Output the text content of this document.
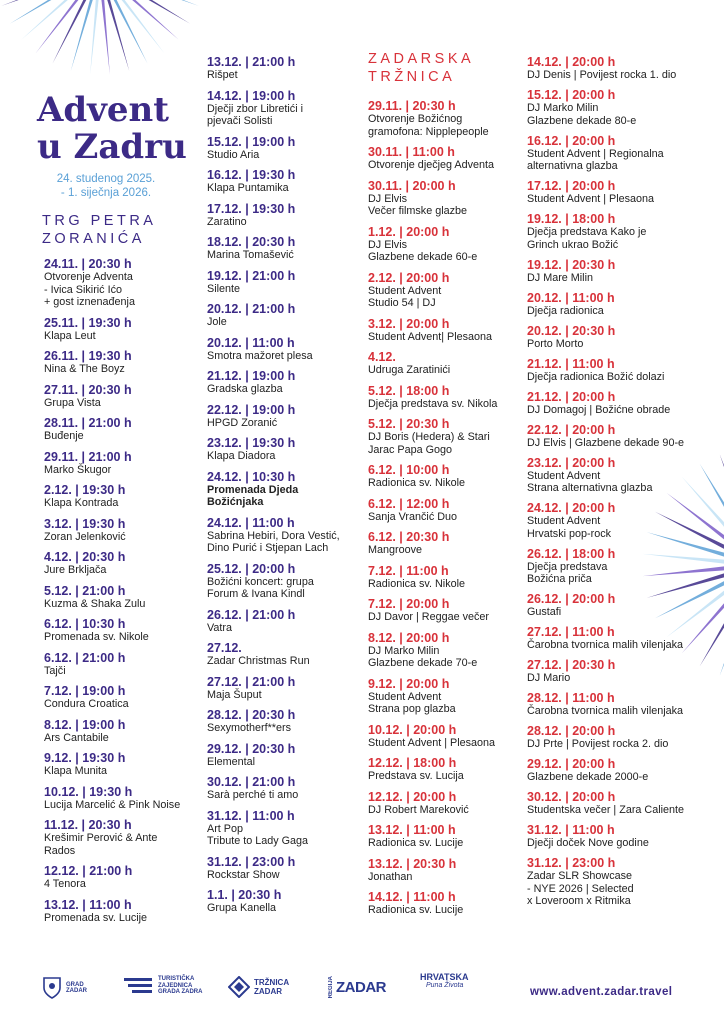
Advent
u Zadru
24. studenog 2025.
- 1. siječnja 2026.
TRG PETRA
ZORANIĆA
ZADARSKA
TRŽNICA
24.11. | 20:30 h
Otvorenje Adventa
- Ivica Sikirić Ićo
+ gost iznenađenja
25.11. | 19:30 h
Klapa Leut
26.11. | 19:30 h
Nina & The Boyz
27.11. | 20:30 h
Grupa Vista
28.11. | 21:00 h
Buđenje
29.11. | 21:00 h
Marko Škugor
2.12. | 19:30 h
Klapa Kontrada
3.12. | 19:30 h
Zoran Jelenković
4.12. | 20:30 h
Jure Brkljača
5.12. | 21:00 h
Kuzma & Shaka Zulu
6.12. | 10:30 h
Promenada sv. Nikole
6.12. | 21:00 h
Tajči
7.12. | 19:00 h
Condura Croatica
8.12. | 19:00 h
Ars Cantabile
9.12. | 19:30 h
Klapa Munita
10.12. | 19:30 h
Lucija Marcelić & Pink Noise
11.12. | 20:30 h
Krešimir Perović & Ante
Rados
12.12. | 21:00 h
4 Tenora
13.12. | 11:00 h
Promenada sv. Lucije
13.12. | 21:00 h
Rišpet
14.12. | 19:00 h
Dječji zbor Libretići i
pjevači Solisti
15.12. | 19:00 h
Studio Aria
16.12. | 19:30 h
Klapa Puntamika
17.12. | 19:30 h
Zaratino
18.12. | 20:30 h
Marina Tomašević
19.12. | 21:00 h
Silente
20.12. | 21:00 h
Jole
20.12. | 11:00 h
Smotra mažoret plesa
21.12. | 19:00 h
Gradska glazba
22.12. | 19:00 h
HPGD Zoranić
23.12. | 19:30 h
Klapa Diadora
24.12. | 10:30 h
Promenada Djeda
Božićnjaka
24.12. | 11:00 h
Sabrina Hebiri, Dora Vestić,
Dino Purić i Stjepan Lach
25.12. | 20:00 h
Božićni koncert: grupa
Forum & Ivana Kindl
26.12. | 21:00 h
Vatra
27.12.
Zadar Christmas Run
27.12. | 21:00 h
Maja Šuput
28.12. | 20:30 h
Sexymotherf**ers
29.12. | 20:30 h
Elemental
30.12. | 21:00 h
Sarà perché ti amo
31.12. | 11:00 h
Art Pop
Tribute to Lady Gaga
31.12. | 23:00 h
Rockstar Show
1.1. | 20:30 h
Grupa Kanella
29.11. | 20:30 h
Otvorenje Božićnog
gramofona: Nipplepeople
30.11. | 11:00 h
Otvorenje dječjeg Adventa
30.11. | 20:00 h
DJ Elvis
Večer filmske glazbe
1.12. | 20:00 h
DJ Elvis
Glazbene dekade 60-e
2.12. | 20:00 h
Student Advent
Studio 54 | DJ
3.12. | 20:00 h
Student Advent| Plesaona
4.12.
Udruga Zaratinići
5.12. | 18:00 h
Dječja predstava sv. Nikola
5.12. | 20:30 h
DJ Boris (Hedera) & Stari
Jarac Papa Gogo
6.12. | 10:00 h
Radionica sv. Nikole
6.12. | 12:00 h
Sanja Vrančić Duo
6.12. | 20:30 h
Mangroove
7.12. | 11:00 h
Radionica sv. Nikole
7.12. | 20:00 h
DJ Davor | Reggae večer
8.12. | 20:00 h
DJ Marko Milin
Glazbene dekade 70-e
9.12. | 20:00 h
Student Advent
Strana pop glazba
10.12. | 20:00 h
Student Advent | Plesaona
12.12. | 18:00 h
Predstava sv. Lucija
12.12. | 20:00 h
DJ Robert Mareković
13.12. | 11:00 h
Radionica sv. Lucije
13.12. | 20:30 h
Jonathan
14.12. | 11:00 h
Radionica sv. Lucije
14.12. | 20:00 h
DJ Denis | Povijest rocka 1. dio
15.12. | 20:00 h
DJ Marko Milin
Glazbene dekade 80-e
16.12. | 20:00 h
Student Advent | Regionalna
alternativna glazba
17.12. | 20:00 h
Student Advent | Plesaona
19.12. | 18:00 h
Dječja predstava Kako je
Grinch ukrao Božić
19.12. | 20:30 h
DJ Mare Milin
20.12. | 11:00 h
Dječja radionica
20.12. | 20:30 h
Porto Morto
21.12. | 11:00 h
Dječja radionica Božić dolazi
21.12. | 20:00 h
DJ Domagoj | Božićne obrade
22.12. | 20:00 h
DJ Elvis | Glazbene dekade 90-e
23.12. | 20:00 h
Student Advent
Strana alternativna glazba
24.12. | 20:00 h
Student Advent
Hrvatski pop-rock
26.12. | 18:00 h
Dječja predstava
Božićna priča
26.12. | 20:00 h
Gustafi
27.12. | 11:00 h
Čarobna tvornica malih vilenjaka
27.12. | 20:30 h
DJ Mario
28.12. | 11:00 h
Čarobna tvornica malih vilenjaka
28.12. | 20:00 h
DJ Prte | Povijest rocka 2. dio
29.12. | 20:00 h
Glazbene dekade 2000-e
30.12. | 20:00 h
Studentska večer | Zara Caliente
31.12. | 11:00 h
Dječji doček Nove godine
31.12. | 23:00 h
Zadar SLR Showcase
- NYE 2026 | Selected
x Loveroom x Ritmika
GRAD
ZADAR
TURISTIČKA
ZAJEDNICA
GRADA ZADRA
TRŽNICA
ZADAR	REGIJA ZADAR
HRVATSKA
Puna Života
www.advent.zadar.travel
